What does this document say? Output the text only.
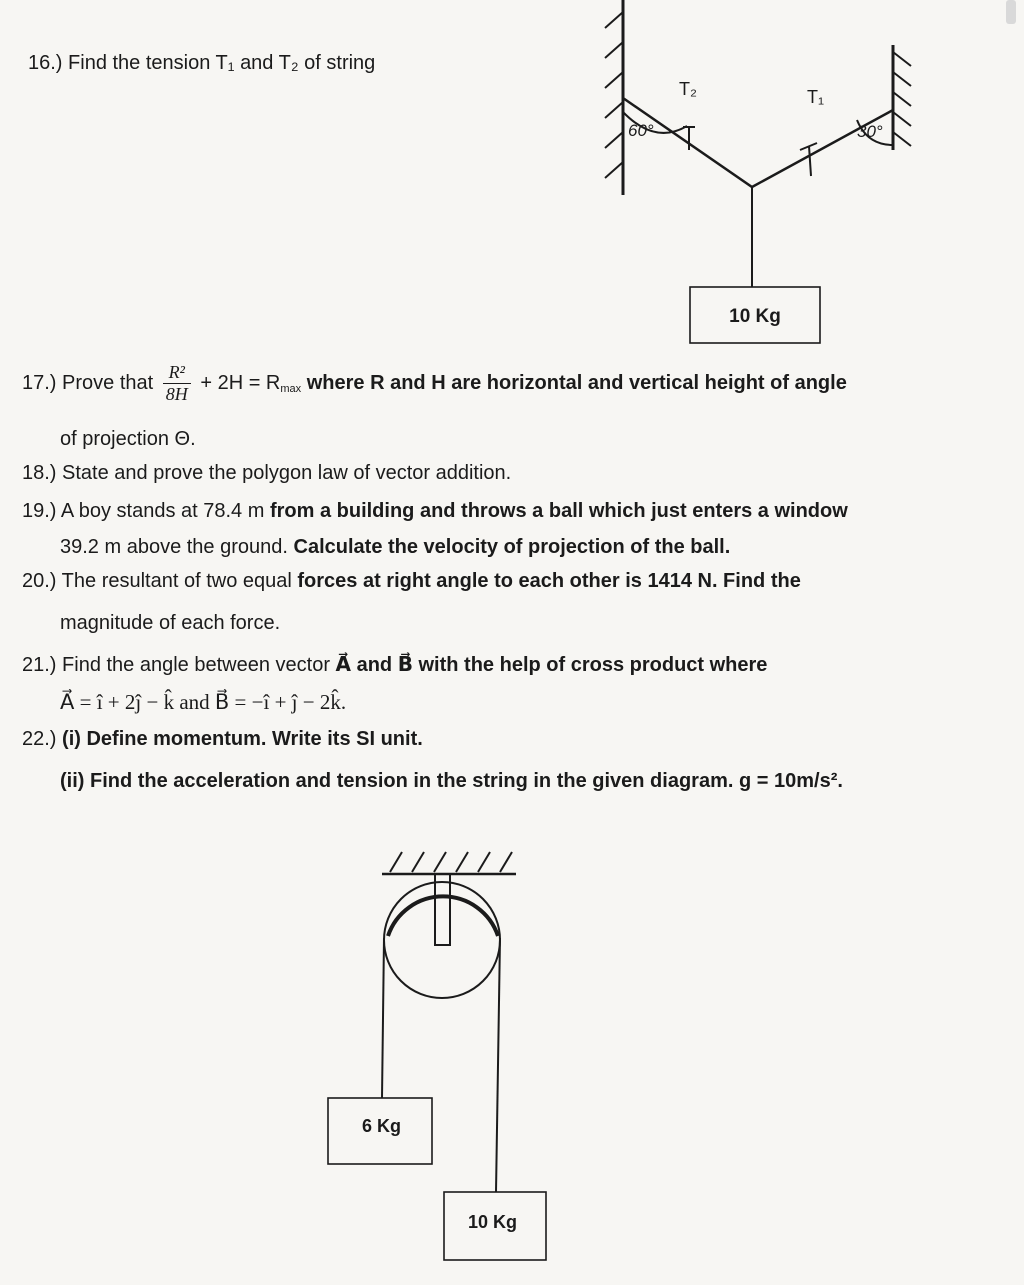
16.) Find the tension T₁ and T₂ of string
T₂	T₁
60°	30°
10 Kg
17.) Prove that $\frac{\text{R²}}{8H} + 2H = R_{max}$ where R and H are horizontal and vertical height of angle
of projection Θ.
18.) State and prove the polygon law of vector addition.
19.) A boy stands at 78.4 m from a building and throws a ball which just enters a window
39.2 m above the ground. Calculate the velocity of projection of the ball.
20.) The resultant of two equal forces at right angle to each other is 1414 N. Find the
magnitude of each force.
21.) Find the angle between vector A⃗ and B⃗ with the help of cross product where
A⃗ = î + 2ĵ − k̂ and B⃗ = −î + ĵ − 2k̂.
22.) (i) Define momentum. Write its SI unit.
(ii) Find the acceleration and tension in the string in the given diagram. g = 10m/s².
6 Kg
10 Kg
